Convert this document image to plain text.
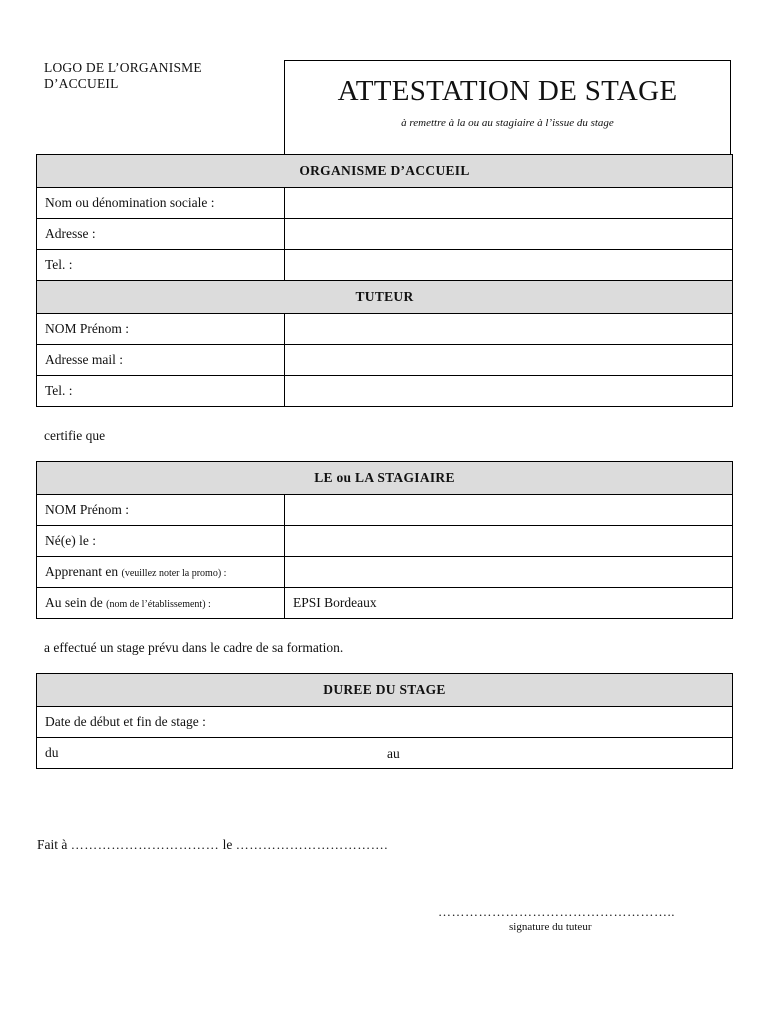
LOGO DE L’ORGANISME
D’ACCUEIL	ATTESTATION DE STAGE
à remettre à la ou au stagiaire à l’issue du stage
ORGANISME D’ACCUEIL	
Nom ou dénomination sociale :	
Adresse :	
Tel. :	
TUTEUR	
NOM Prénom :	
Adresse mail :	
Tel. :	
certifie que
LE ou LA STAGIAIRE	
NOM Prénom :	
Né(e) le :	
Apprenant en (veuillez noter la promo) :	
Au sein de (nom de l’établissement) :	EPSI Bordeaux
a effectué un stage prévu dans le cadre de sa formation.
DUREE DU STAGE
Date de début et fin de stage :
du	au
Fait à …………………………… le …………………………….
……………………………………………..
signature du tuteur
